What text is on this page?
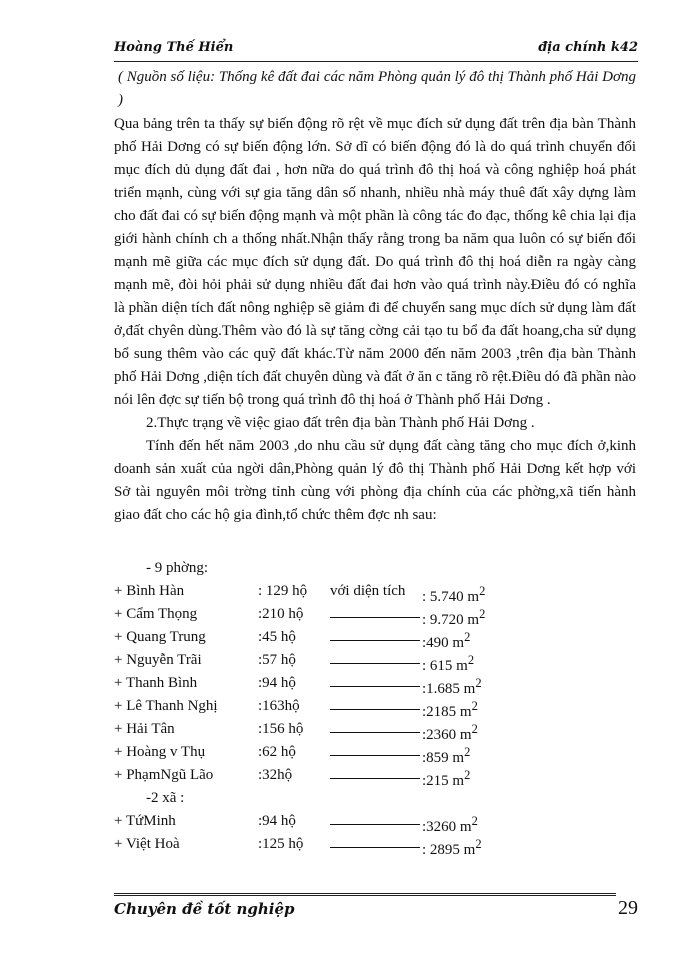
Hoàng Thế Hiển	địa chính k42
( Nguồn số liệu: Thống kê đất đai các năm Phòng quản lý đô thị Thành phố Hải Dơng )

Qua bảng trên ta thấy sự biến động rõ rệt về mục đích sử dụng đất trên địa bàn Thành phố Hải Dơng có sự biến động lớn. Sở dĩ có biến động đó là do quá trình chuyển đổi mục đích dủ dụng đất đai , hơn nữa do quá trình đô thị hoá và công nghiệp hoá phát triển mạnh, cùng với sự gia tăng dân số nhanh, nhiều nhà máy thuê đất xây dựng làm cho đất đai có sự biến động mạnh và một phần là công tác đo đạc, thống kê chia lại địa giới hành chính ch a thống nhất.Nhận thấy rằng trong ba năm qua luôn có sự biến đổi mạnh mẽ giữa các mục đích sử dụng đất. Do quá trình đô thị hoá diễn ra ngày càng mạnh mẽ, đòi hỏi phải sử dụng nhiều đất đai hơn vào quá trình này.Điều đó có nghĩa là phần diện tích đất nông nghiệp sẽ giảm đi để chuyển sang mục dích sử dụng làm đất ở,đất chyên dùng.Thêm vào đó là sự tăng cờng cải tạo tu bổ đa đất hoang,cha sử dụng bổ sung thêm vào các quỹ đất khác.Từ năm 2000 đến năm 2003 ,trên địa bàn Thành phố Hải Dơng ,diện tích đất chuyên dùng và đất ở ăn c tăng rõ rệt.Điều dó đã phần nào nói lên đợc sự tiến bộ trong quá trình đô thị hoá ở Thành phố Hải Dơng .

2.Thực trạng về việc giao đất trên địa bàn Thành phố Hải Dơng .

Tính đến hết năm 2003 ,do nhu cầu sử dụng đất càng tăng cho mục đích ở,kinh doanh sản xuất của ngời dân,Phòng quản lý đô thị Thành phố Hải Dơng kết hợp với Sở tài nguyên môi trờng tỉnh cùng với phòng địa chính của các phờng,xã tiến hành giao đất cho các hộ gia đình,tổ chức thêm đợc nh sau:

- 9 phờng:
+ Bình Hàn	: 129 hộ với diện tích : 5.740 $m^2$
+ Cẩm Thọng	:210 hộ	: 9.720 $m^2$
+ Quang Trung	:45 hộ	:490 $m^2$
+ Nguyễn Trãi	:57 hộ	: 615 $m^2$
+ Thanh Bình	:94 hộ	:1.685 $m^2$
+ Lê Thanh Nghị	:163hộ	:2185 $m^2$
+ Hải Tân	:156 hộ	:2360 $m^2$
+ Hoàng v Thụ	:62 hộ	:859 $m^2$
+ PhạmNgũ Lão	:32hộ	:215 $m^2$
-2 xã :
+ TứMinh	:94 hộ	:3260 $m^2$
+ Việt Hoà	:125 hộ	: 2895 $m^2$
Chuyên đề tốt nghiệp	29
